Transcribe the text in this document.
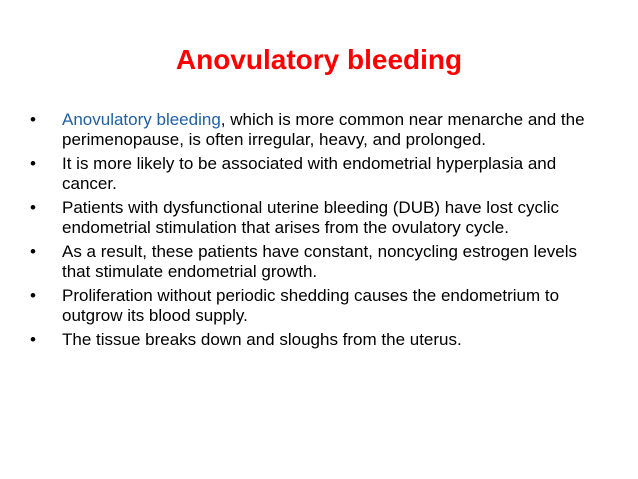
Anovulatory bleeding
•	Anovulatory bleeding, which is more common near menarche and the perimenopause, is often irregular, heavy, and prolonged.
•	It is more likely to be associated with endometrial hyperplasia and cancer.
•	Patients with dysfunctional uterine bleeding (DUB) have lost cyclic endometrial stimulation that arises from the ovulatory cycle.
•	As a result, these patients have constant, noncycling estrogen levels that stimulate endometrial growth.
•	Proliferation without periodic shedding causes the endometrium to outgrow its blood supply.
•	The tissue breaks down and sloughs from the uterus.
